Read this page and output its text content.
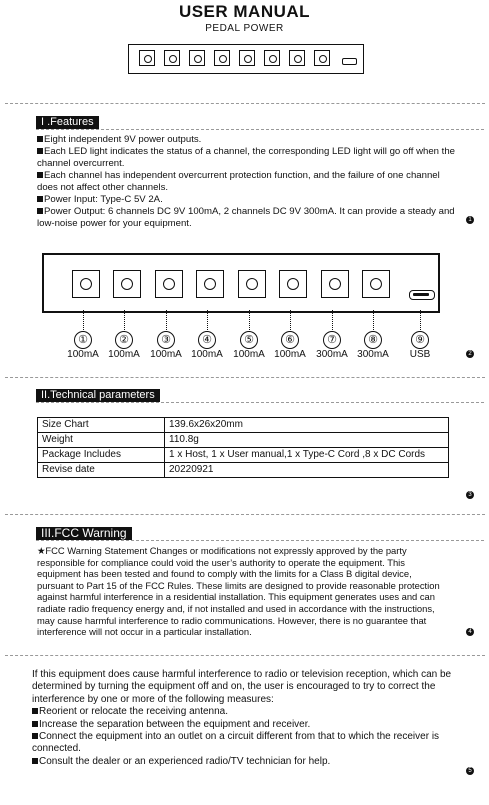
USER MANUAL
PEDAL POWER
I .Features
Eight independent 9V power outputs.
Each LED light indicates the status of a channel, the corresponding LED light will go off when the channel overcurrent.
Each channel has independent overcurrent protection function, and the failure of one channel does not affect other channels.
Power Input: Type-C 5V 2A.
Power Output: 6 channels DC 9V 100mA, 2 channels DC 9V 300mA. It can provide a steady and low-noise power for your equipment.	1
①	②	③	④	⑤	⑥	⑦	⑧	⑨
100mA 100mA	100mA 100mA	100mA 100mA	300mA 300mA	USB	2
II.Technical parameters
Size Chart	139.6x26x20mm
Weight	110.8g
Package Includes	1 x Host, 1 x User manual,1 x Type-C Cord ,8 x DC Cords
Revise date	20220921
3
III.FCC Warning
★FCC Warning Statement Changes or modifications not expressly approved by the party responsible for compliance could void the user’s authority to operate the equipment. This equipment has been tested and found to comply with the limits for a Class B digital device, pursuant to Part 15 of the FCC Rules. These limits are designed to provide reasonable protection against harmful interference in a residential installation. This equipment generates uses and can radiate radio frequency energy and, if not installed and used in accordance with the instructions, may cause harmful interference to radio communications. However, there is no guarantee that interference will not occur in a particular installation.	4
If this equipment does cause harmful interference to radio or television reception, which can be determined by turning the equipment off and on, the user is encouraged to try to correct the interference by one or more of the following measures:
Reorient or relocate the receiving antenna.
Increase the separation between the equipment and receiver.
Connect the equipment into an outlet on a circuit different from that to which the receiver is connected.
Consult the dealer or an experienced radio/TV technician for help.
5
